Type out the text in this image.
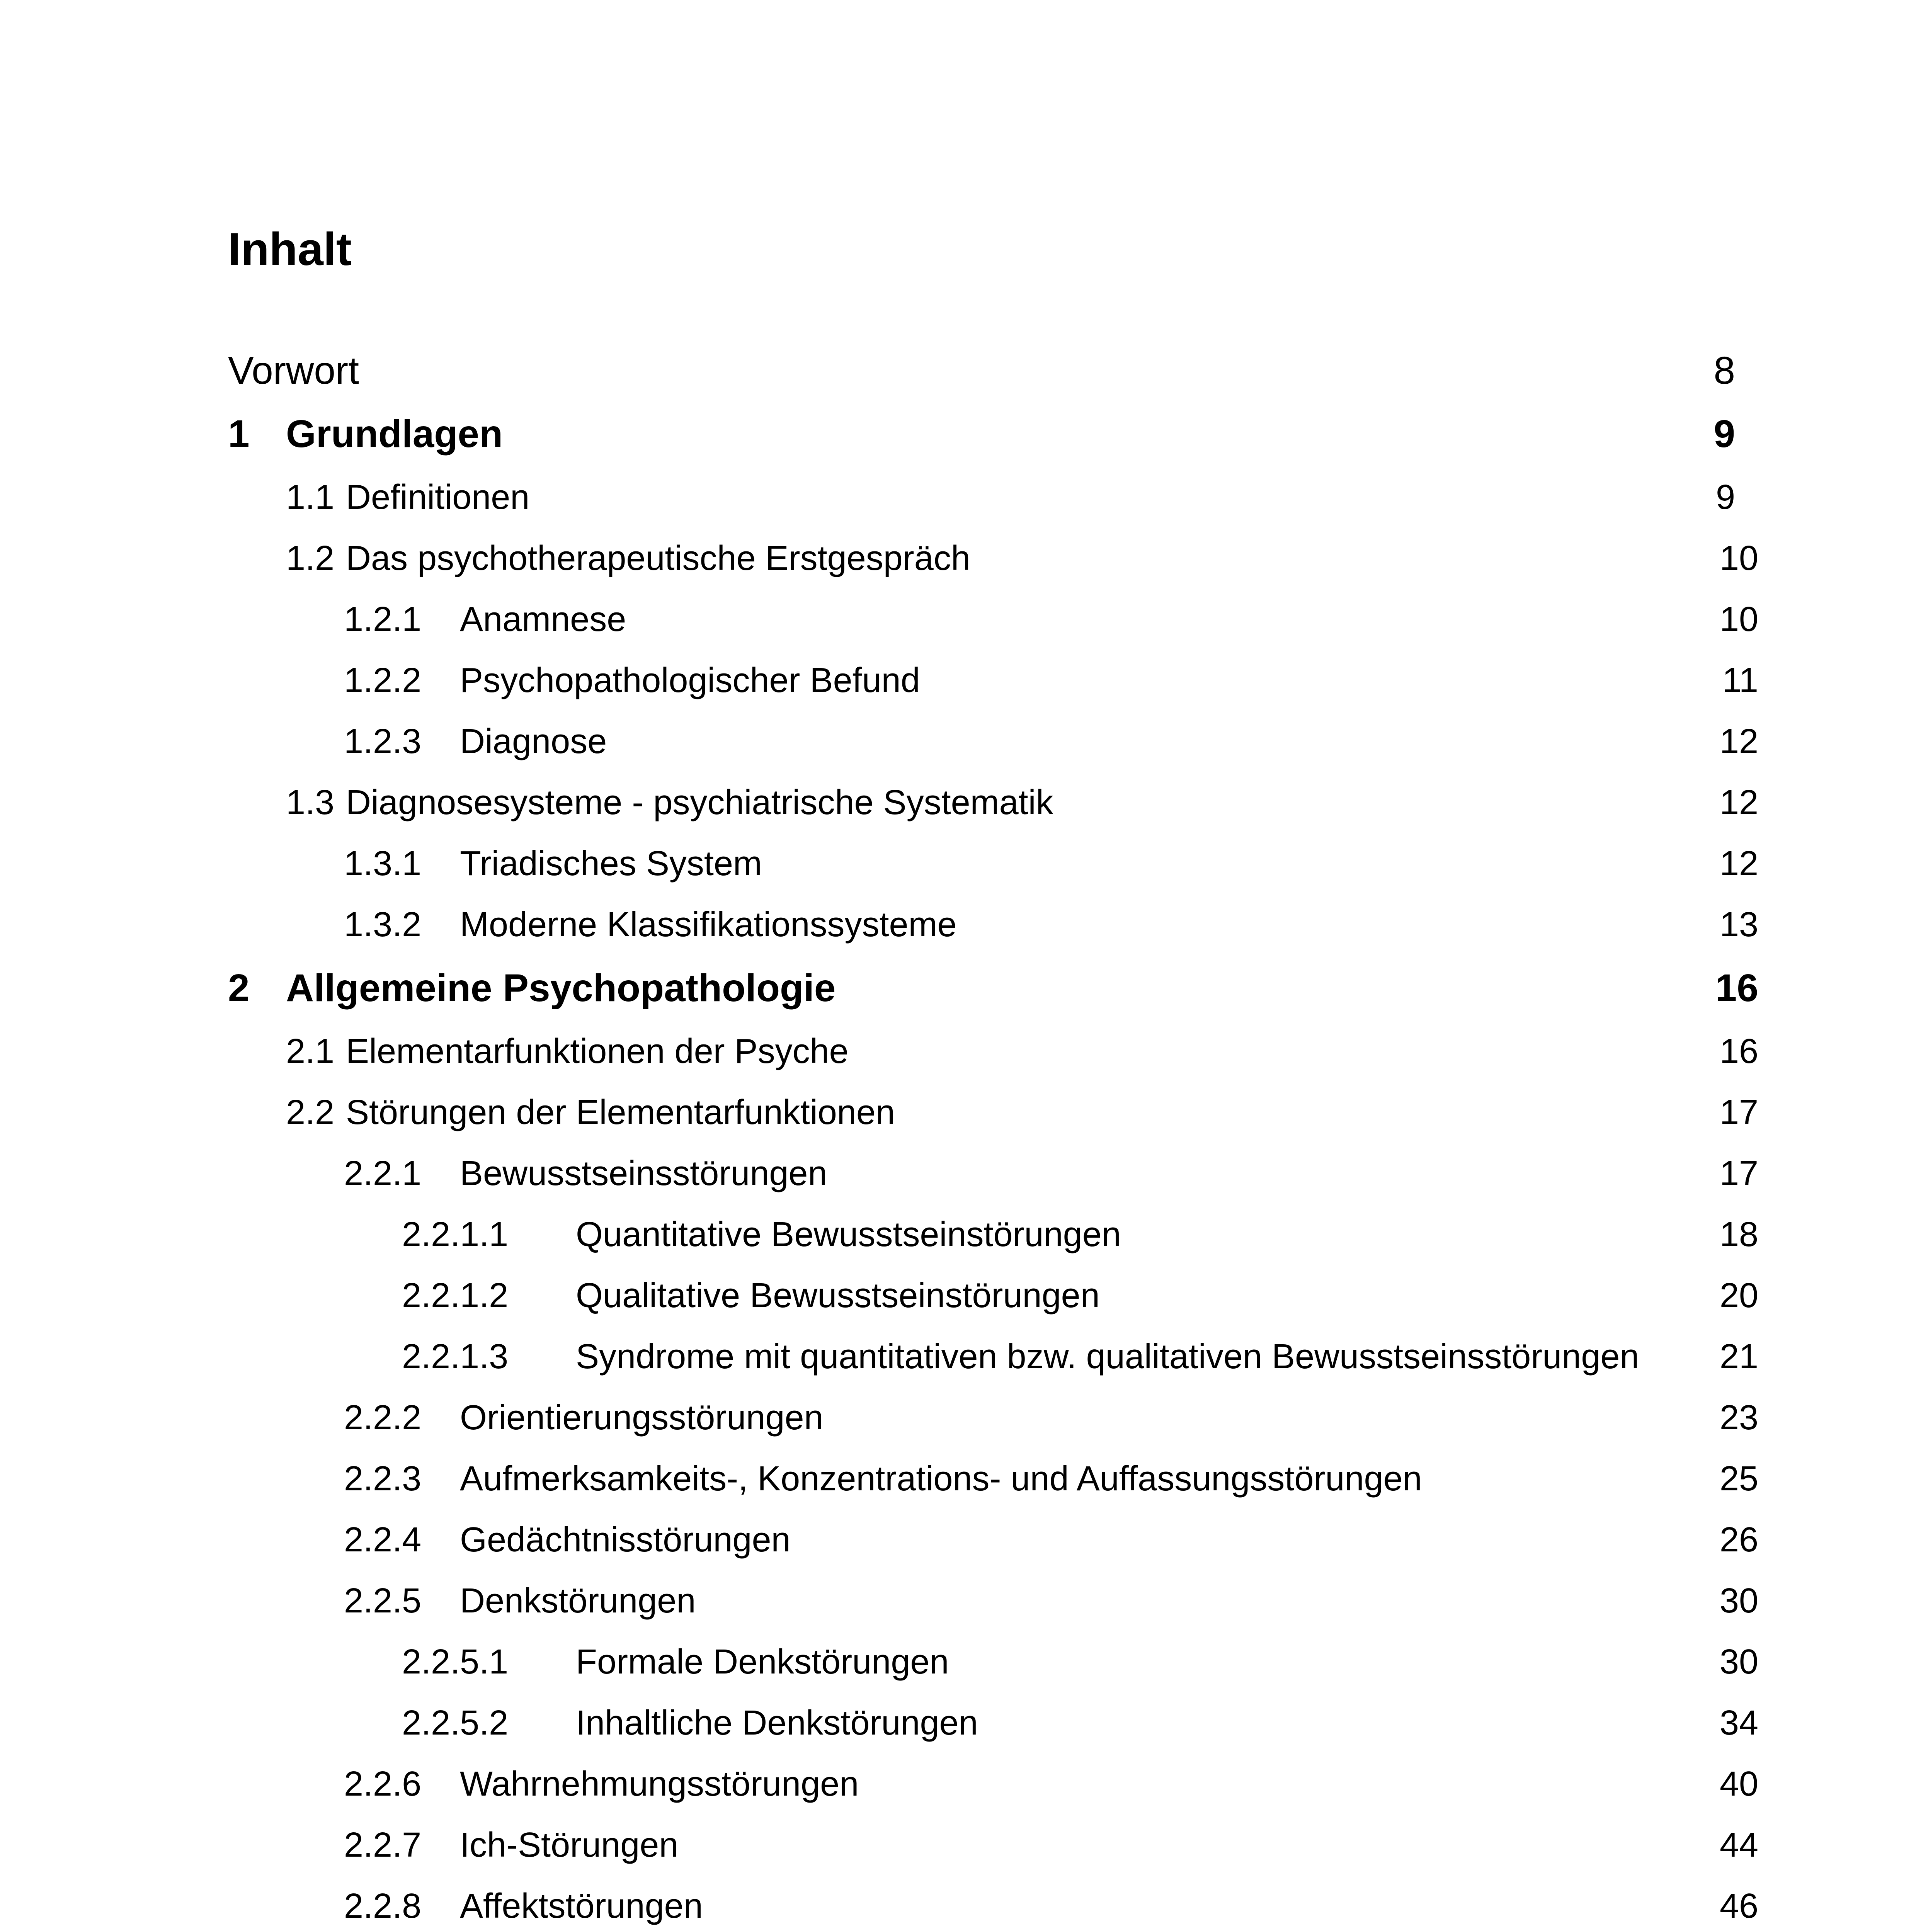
Inhalt
Vorwort	8
1 Grundlagen	9
1.1 Definitionen	9
1.2 Das psychotherapeutische Erstgespräch	10
1.2.1 Anamnese	10
1.2.2 Psychopathologischer Befund	11
1.2.3 Diagnose	12
1.3 Diagnosesysteme - psychiatrische Systematik	12
1.3.1 Triadisches System	12
1.3.2 Moderne Klassifikationssysteme	13
2 Allgemeine Psychopathologie	16
2.1 Elementarfunktionen der Psyche	16
2.2 Störungen der Elementarfunktionen	17
2.2.1 Bewusstseinsstörungen	17
2.2.1.1 Quantitative Bewusstseinstörungen	18
2.2.1.2 Qualitative Bewusstseinstörungen	20
2.2.1.3 Syndrome mit quantitativen bzw. qualitativen Bewusstseinsstörungen 21
2.2.2 Orientierungsstörungen	23
2.2.3 Aufmerksamkeits-, Konzentrations- und Auffassungsstörungen	25
2.2.4 Gedächtnisstörungen	26
2.2.5 Denkstörungen	30
2.2.5.1 Formale Denkstörungen	30
2.2.5.2 Inhaltliche Denkstörungen	34
2.2.6 Wahrnehmungsstörungen	40
2.2.7 Ich-Störungen	44
2.2.8 Affektstörungen	46
